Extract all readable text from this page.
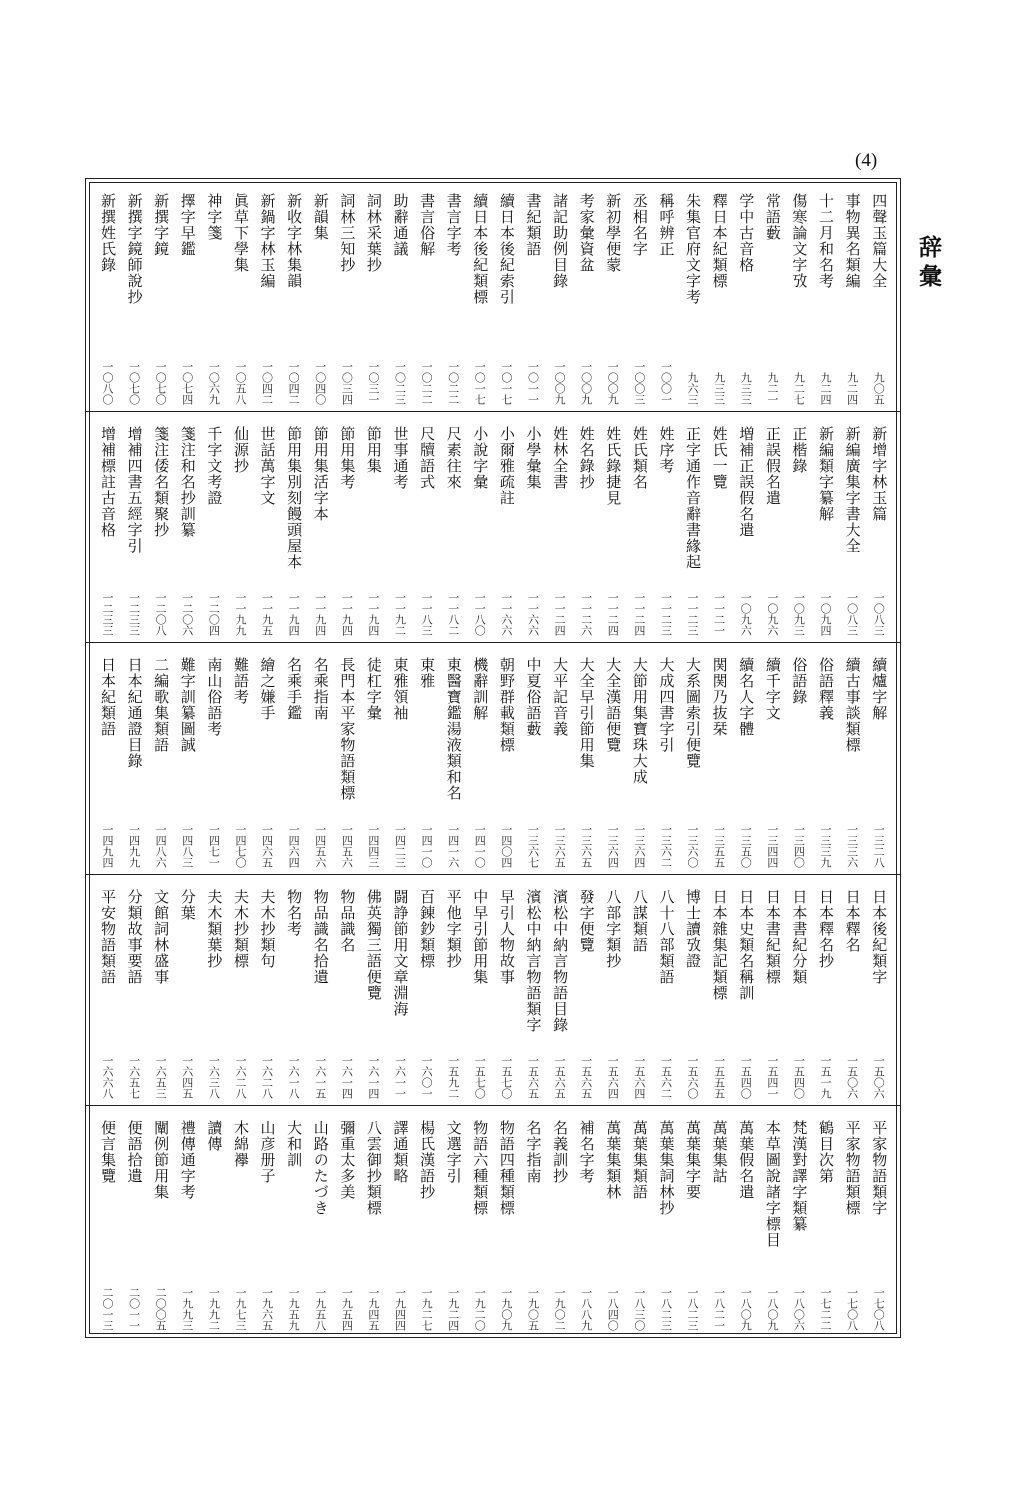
(4)
辞彙
四聲玉篇大全
九〇五
事物異名類編
九二四
十二月和名考
九二四
傷寒論文字攷
九二七
常語藪
九二一
学中古音格
九三三
釋日本紀類標
九三三
朱集官府文字考
九六三
稱呼辨正
一〇〇一
丞相名字
一〇〇三
新初學便蒙
一〇〇九
考家彙資盆
一〇〇九
諸記助例目錄
一〇〇九
書紀類語
一〇一一
續日本後紀索引
一〇一七
續日本後紀類標
一〇一七
書言字考
一〇二二
書言俗解
一〇二二
助辭通議
一〇二三
詞林采葉抄
一〇三一
詞林三知抄
一〇三四
新韻集
一〇四〇
新收字林集韻
一〇四二
新鍋字林玉編
一〇四二
眞草下學集
一〇五八
神字箋
一〇六九
擇字早鑑
一〇七四
新撰字鏡
一〇七〇
新撰字鏡師說抄
一〇七〇
新撰姓氏錄
一〇八〇
新增字林玉篇
一〇八三
新編廣集字書大全
一〇八三
新編類字纂解
一〇九四
正楷錄
一〇九三
正誤假名遣
一〇九六
増補正誤假名遣
一〇九六
姓氏一覽
一一二一
正字通作音辭書緣起
一一二三
姓序考
一一二三
姓氏類名
一一二四
姓氏錄捷見
一一二四
姓名錄抄
一一二六
姓林全書
一一二四
小學彙集
一一六六
小爾雅疏註
一一六六
小說字彙
一一八〇
尺素往來
一一八二
尺牘語式
一一八三
世事通考
一一九二
節用集
一一九四
節用集考
一一九四
節用集活字本
一一九四
節用集別刻饅頭屋本
一一九四
世話萬字文
一一九五
仙源抄
一一九九
千字文考證
一二〇四
箋注和名抄訓纂
一二〇六
箋注倭名類聚抄
一二〇八
增補四書五經字引
一二三三
增補標註古音格
一二三三
續爐字解
一三二八
續古事談類標
一三三六
俗語釋義
一三三九
俗語錄
一三四〇
續千字文
一三四四
續名人字體
一三五〇
関関乃抜栞
一三五五
大系圖索引便覽
一三六〇
大成四書字引
一三六二
大節用集寶珠大成
一三六四
大全漢語便覽
一三六四
大全早引節用集
一三六五
大平記音義
一三六五
中夏俗語藪
一三六七
朝野群載類標
一四〇四
機辭訓解
一四一〇
東醫寶鑑湯液類和名
一四一六
東雅
一四一〇
東雅領袖
一四二三
徒杠字彙
一四四三
長門本平家物語類標
一四五六
名乘指南
一四五六
名乘手鑑
一四六四
繪之嫌手
一四六五
難語考
一四七〇
南山俗語考
一四七一
難字訓纂圖誠
一四八三
二編歌集類語
一四八六
日本紀通證目錄
一四九九
日本紀類語
一四九四
日本後紀類字
一五〇六
日本釋名
一五〇六
日本釋名抄
一五一九
日本書紀分類
一五四〇
日本書紀類標
一五四一
日本史類名稱訓
一五四〇
日本雜集記類標
一五五五
博士讀攷證
一五六〇
八十八部類語
一五六二
八謀類語
一五六四
八部字類抄
一五六四
發字便覽
一五六五
濱松中納言物語目錄
一五六五
濱松中納言物語類字
一五六五
早引人物故事
一五七〇
中早引節用集
一五七〇
平他字類抄
一五九二
百錬鈔類標
一六〇一
闘諍節用文章淵海
一六一一
佛英獨三語便覽
一六一四
物品識名
一六一四
物品識名拾遺
一六一五
物名考
一六一八
夫木抄類句
一六二八
夫木抄類標
一六二八
夫木類葉抄
一六三八
分葉
一六四五
文館詞林盛事
一六五三
分類故事要語
一六五七
平安物語類語
一六六八
平家物語類字
一七〇八
平家物語類標
一七〇八
鶴目次第
一七二二
梵漢對譯字類纂
一八〇六
本草圖說諸字標目
一八〇九
萬葉假名遣
一八〇九
萬葉集詁
一八二一
萬葉集字要
一八二三
萬葉集詞林抄
一八二三
萬葉集類語
一八三〇
萬葉集類林
一八四〇
補名字考
一八八九
名義訓抄
一九〇二
名字指南
一九〇五
物語四種類標
一九〇九
物語六種類標
一九二〇
文選字引
一九二四
楊氏漢語抄
一九二七
譯通類略
一九四四
八雲御抄類標
一九四五
彌重太多美
一九五四
山路のたづき
一九五八
大和訓
一九五九
山彦册子
一九六五
木綿襷
一九七三
讀傳
一九九二
禮傳通字考
一九九三
闡例節用集
二〇〇五
便語拾遺
二〇一一
便言集覽
二〇一三
